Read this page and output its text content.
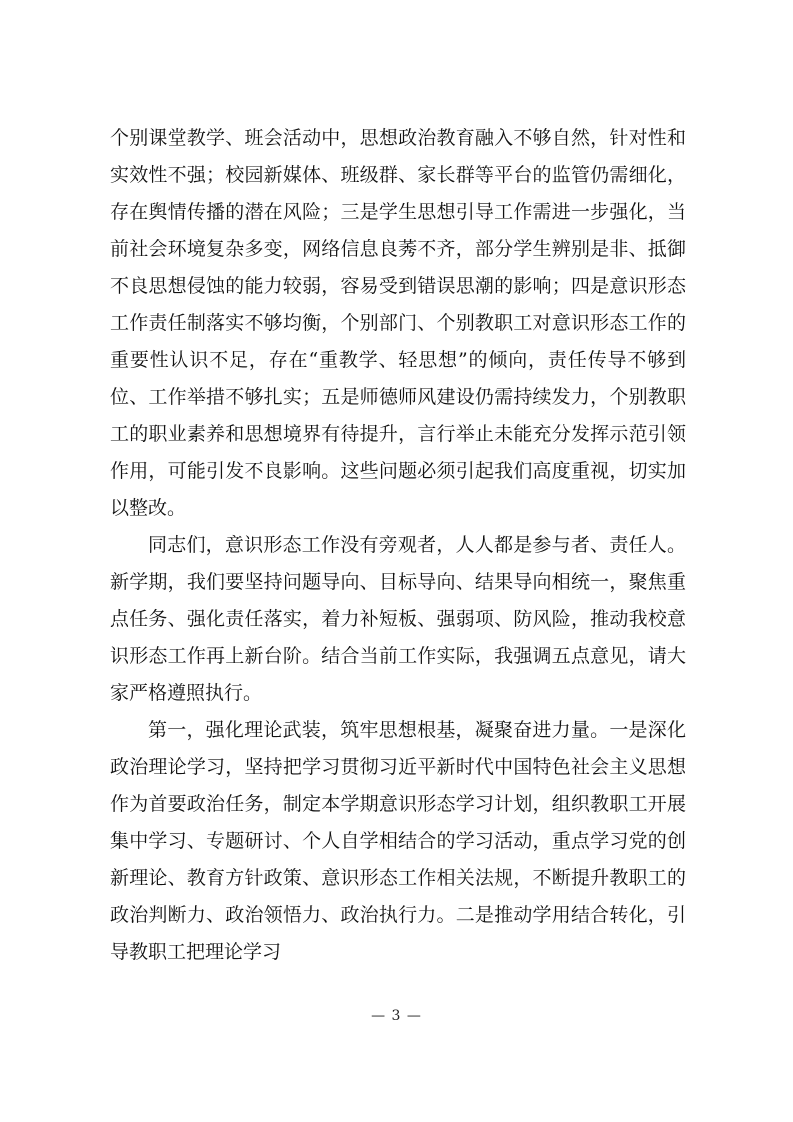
个别课堂教学、班会活动中，思想政治教育融入不够自然，针对性和实效性不强；校园新媒体、班级群、家长群等平台的监管仍需细化，存在舆情传播的潜在风险；三是学生思想引导工作需进一步强化，当前社会环境复杂多变，网络信息良莠不齐，部分学生辨别是非、抵御不良思想侵蚀的能力较弱，容易受到错误思潮的影响；四是意识形态工作责任制落实不够均衡，个别部门、个别教职工对意识形态工作的重要性认识不足，存在“重教学、轻思想”的倾向，责任传导不够到位、工作举措不够扎实；五是师德师风建设仍需持续发力，个别教职工的职业素养和思想境界有待提升，言行举止未能充分发挥示范引领作用，可能引发不良影响。这些问题必须引起我们高度重视，切实加以整改。

同志们，意识形态工作没有旁观者，人人都是参与者、责任人。新学期，我们要坚持问题导向、目标导向、结果导向相统一，聚焦重点任务、强化责任落实，着力补短板、强弱项、防风险，推动我校意识形态工作再上新台阶。结合当前工作实际，我强调五点意见，请大家严格遵照执行。

第一，强化理论武装，筑牢思想根基，凝聚奋进力量。一是深化政治理论学习，坚持把学习贯彻习近平新时代中国特色社会主义思想作为首要政治任务，制定本学期意识形态学习计划，组织教职工开展集中学习、专题研讨、个人自学相结合的学习活动，重点学习党的创新理论、教育方针政策、意识形态工作相关法规，不断提升教职工的政治判断力、政治领悟力、政治执行力。二是推动学用结合转化，引导教职工把理论学习

— 3 —
